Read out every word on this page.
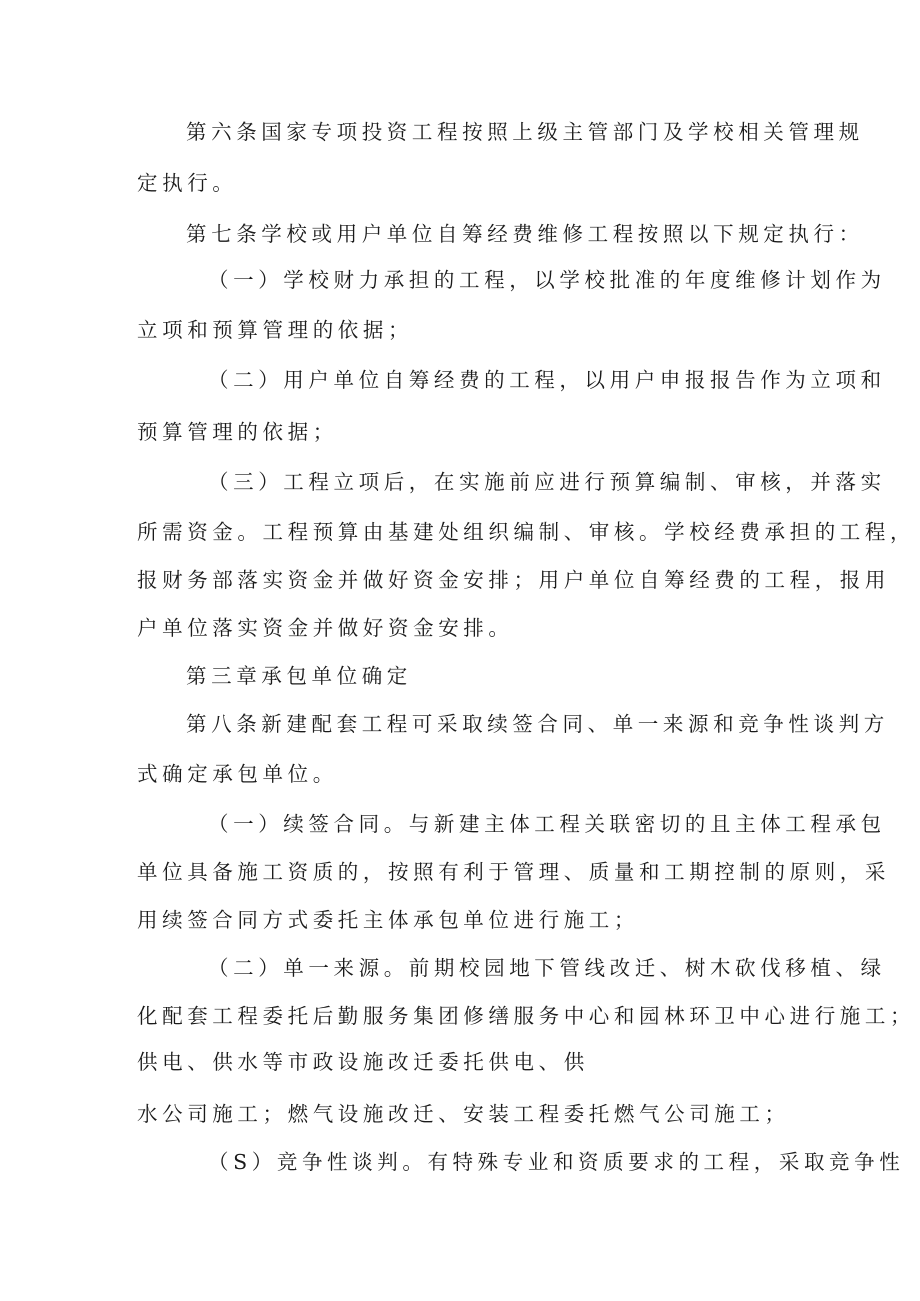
第六条国家专项投资工程按照上级主管部门及学校相关管理规
定执行。
第七条学校或用户单位自筹经费维修工程按照以下规定执行：
（一）学校财力承担的工程，以学校批准的年度维修计划作为
立项和预算管理的依据；
（二）用户单位自筹经费的工程，以用户申报报告作为立项和
预算管理的依据；
（三）工程立项后，在实施前应进行预算编制、审核，并落实
所需资金。工程预算由基建处组织编制、审核。学校经费承担的工程，
报财务部落实资金并做好资金安排；用户单位自筹经费的工程，报用
户单位落实资金并做好资金安排。
第三章承包单位确定
第八条新建配套工程可采取续签合同、单一来源和竞争性谈判方
式确定承包单位。
（一）续签合同。与新建主体工程关联密切的且主体工程承包
单位具备施工资质的，按照有利于管理、质量和工期控制的原则，采
用续签合同方式委托主体承包单位进行施工；
（二）单一来源。前期校园地下管线改迁、树木砍伐移植、绿
化配套工程委托后勤服务集团修缮服务中心和园林环卫中心进行施工；
供电、供水等市政设施改迁委托供电、供
水公司施工；燃气设施改迁、安装工程委托燃气公司施工；
（S）竞争性谈判。有特殊专业和资质要求的工程，采取竞争性
